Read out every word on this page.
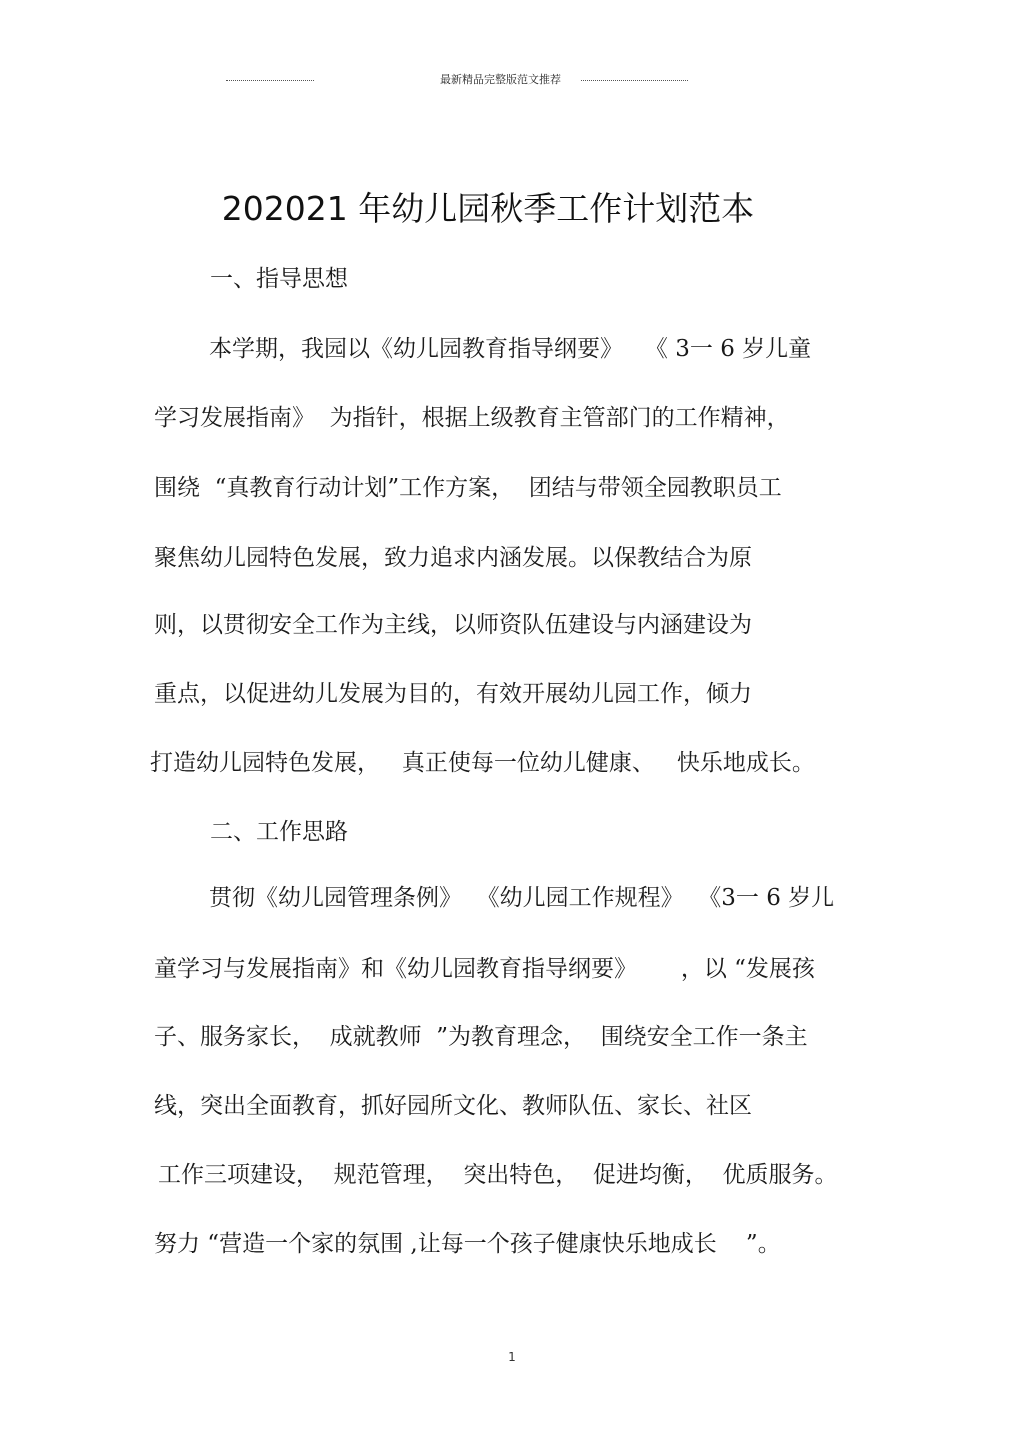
最新精品完整版范文推荐
202021 年幼儿园秋季工作计划范本
一、指导思想
本学期，我园以《幼儿园教育指导纲要》   《 3一 6 岁儿童
学习发展指南》  为指针，根据上级教育主管部门的工作精神，
围绕  “真教育行动计划”工作方案，  团结与带领全园教职员工
聚焦幼儿园特色发展，致力追求内涵发展。以保教结合为原
则，以贯彻安全工作为主线，以师资队伍建设与内涵建设为
重点，以促进幼儿发展为目的，有效开展幼儿园工作，倾力
打造幼儿园特色发展，   真正使每一位幼儿健康、   快乐地成长。
二、工作思路
贯彻《幼儿园管理条例》  《幼儿园工作规程》  《3一 6 岁儿
童学习与发展指南》和《幼儿园教育指导纲要》      ，以 “发展孩
子、服务家长，  成就教师  ”为教育理念，  围绕安全工作一条主
线，突出全面教育，抓好园所文化、教师队伍、家长、社区
工作三项建设，  规范管理，  突出特色，  促进均衡，  优质服务。
努力 “营造一个家的氛围 ,让每一个孩子健康快乐地成长    ”。
1
